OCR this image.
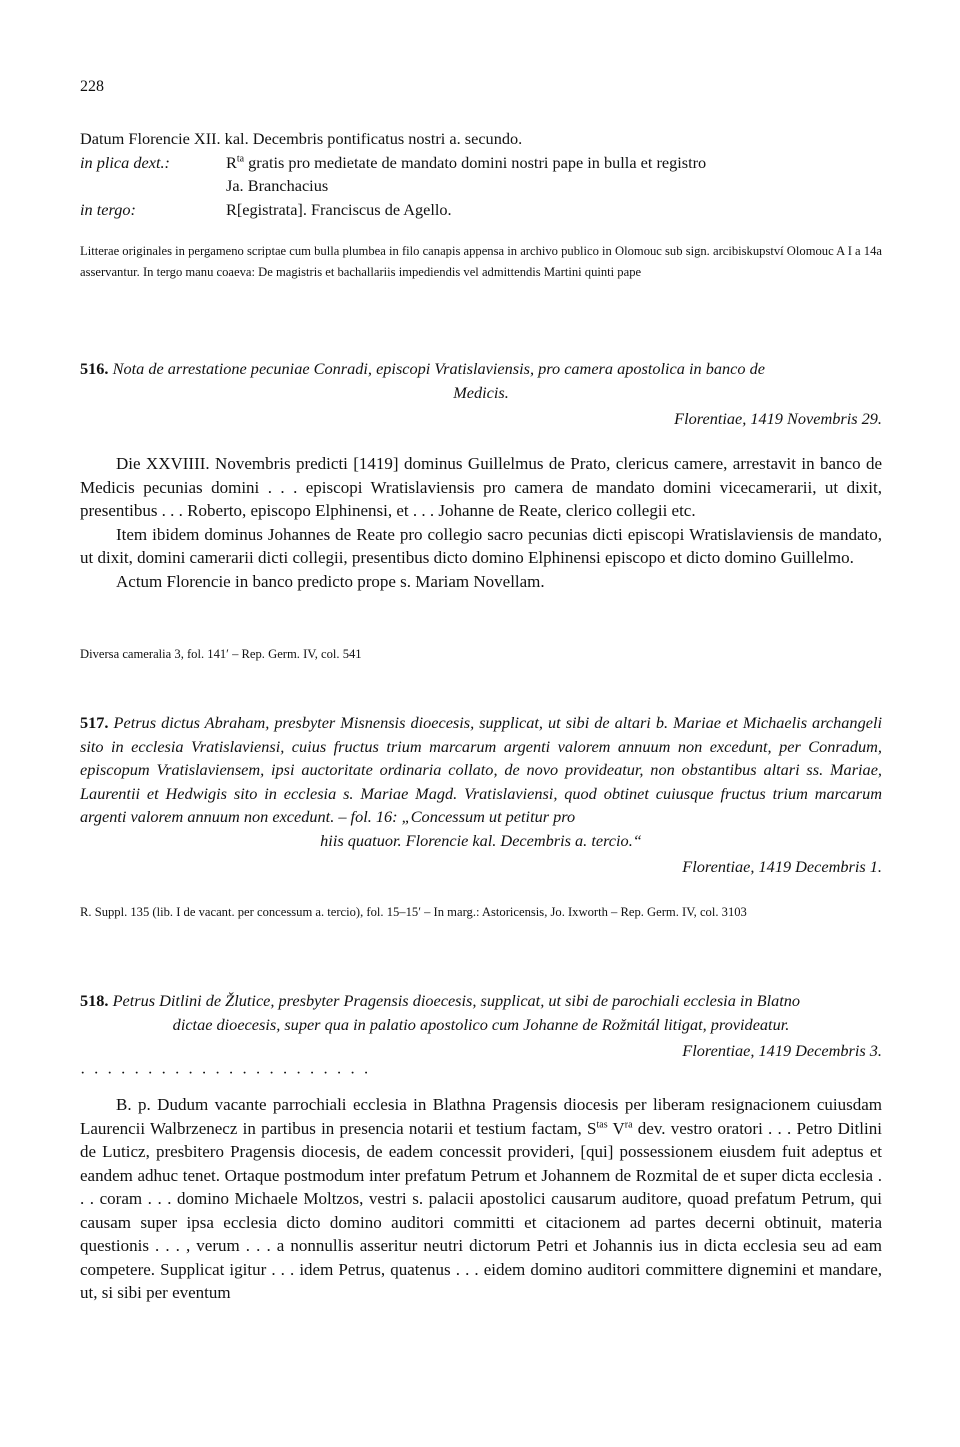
228
Datum Florencie XII. kal. Decembris pontificatus nostri a. secundo.
in plica dext.:	$R^{ta}$ gratis pro medietate de mandato domini nostri pape in bulla et registro
Ja. Branchacius
in tergo:	R[egistrata]. Franciscus de Agello.
Litterae originales in pergameno scriptae cum bulla plumbea in filo canapis appensa in archivo publico in Olomouc sub sign. arcibiskupství Olomouc A I a 14a asservantur. In tergo manu coaeva: De magistris et bachallariis impediendis vel admittendis Martini quinti pape
516. Nota de arrestatione pecuniae Conradi, episcopi Vratislaviensis, pro camera apostolica in banco de
Medicis.
Florentiae, 1419 Novembris 29.
Die XXVIIII. Novembris predicti [1419] dominus Guillelmus de Prato, clericus camere, arrestavit in banco de Medicis pecunias domini . . . episcopi Wratislaviensis pro camera de mandato domini vicecamerarii, ut dixit, presentibus . . . Roberto, episcopo Elphinensi, et . . . Johanne de Reate, clerico collegii etc.
Item ibidem dominus Johannes de Reate pro collegio sacro pecunias dicti episcopi Wratislaviensis de mandato, ut dixit, domini camerarii dicti collegii, presentibus dicto domino Elphinensi episcopo et dicto domino Guillelmo.
Actum Florencie in banco predicto prope s. Mariam Novellam.
Diversa cameralia 3, fol. 141′ – Rep. Germ. IV, col. 541
517. Petrus dictus Abraham, presbyter Misnensis dioecesis, supplicat, ut sibi de altari b. Mariae et Michaelis archangeli sito in ecclesia Vratislaviensi, cuius fructus trium marcarum argenti valorem annuum non excedunt, per Conradum, episcopum Vratislaviensem, ipsi auctoritate ordinaria collato, de novo provideatur, non obstantibus altari ss. Mariae, Laurentii et Hedwigis sito in ecclesia s. Mariae Magd. Vratislaviensi, quod obtinet cuiusque fructus trium marcarum argenti valorem annuum non excedunt. – fol. 16: „Concessum ut petitur pro
hiis quatuor. Florencie kal. Decembris a. tercio.“
Florentiae, 1419 Decembris 1.
R. Suppl. 135 (lib. I de vacant. per concessum a. tercio), fol. 15–15′ – In marg.: Astoricensis, Jo. Ixworth – Rep. Germ. IV, col. 3103
518. Petrus Ditlini de Žlutice, presbyter Pragensis dioecesis, supplicat, ut sibi de parochiali ecclesia in Blatno
dictae dioecesis, super qua in palatio apostolico cum Johanne de Rožmitál litigat, provideatur.
Florentiae, 1419 Decembris 3.
· · · · · · · · · · · · · · · · · · · · · ·
B. p. Dudum vacante parrochiali ecclesia in Blathna Pragensis diocesis per liberam resignacionem cuiusdam Laurencii Walbrzenecz in partibus in presencia notarii et testium factam, $S^{tas}$ $V^{ra}$ dev. vestro oratori . . . Petro Ditlini de Luticz, presbitero Pragensis diocesis, de eadem concessit provideri, [qui] possessionem eiusdem fuit adeptus et eandem adhuc tenet. Ortaque postmodum inter prefatum Petrum et Johannem de Rozmital de et super dicta ecclesia . . . coram . . . domino Michaele Moltzos, vestri s. palacii apostolici causarum auditore, quoad prefatum Petrum, qui causam super ipsa ecclesia dicto domino auditori committi et citacionem ad partes decerni obtinuit, materia questionis . . . , verum . . . a nonnullis asseritur neutri dictorum Petri et Johannis ius in dicta ecclesia seu ad eam competere. Supplicat igitur . . . idem Petrus, quatenus . . . eidem domino auditori committere dignemini et mandare, ut, si sibi per eventum
